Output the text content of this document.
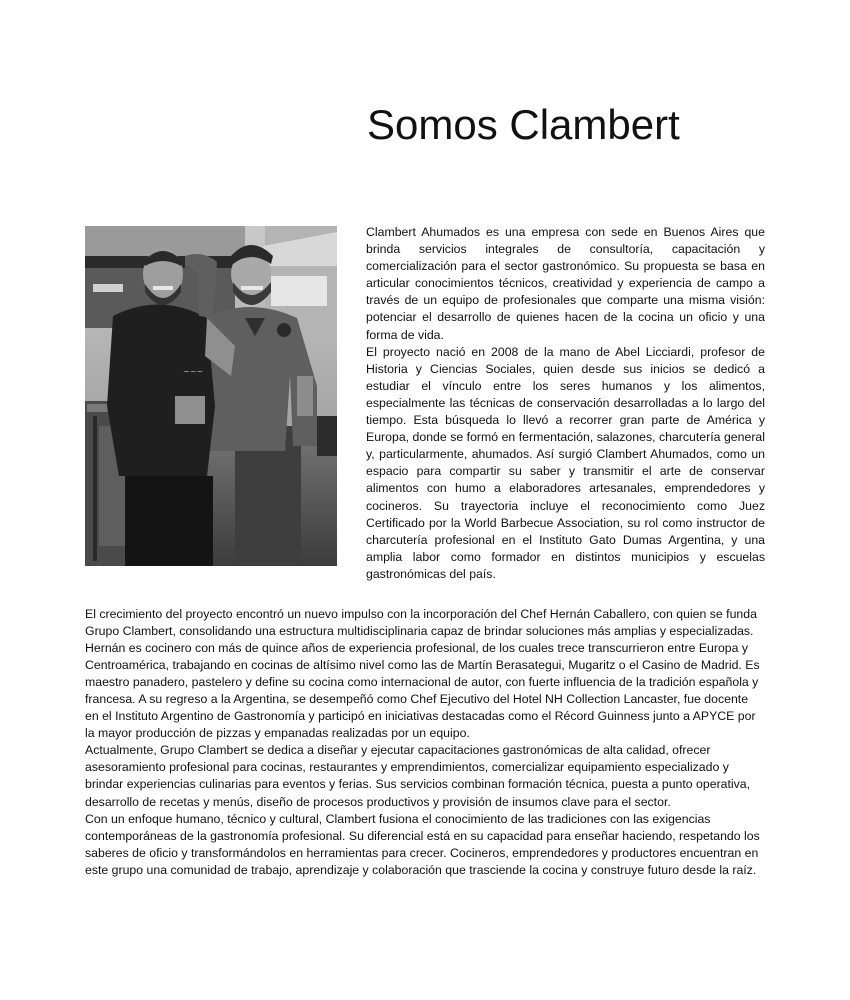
Somos Clambert
~~~

Clambert Ahumados es una empresa con sede en Buenos Aires que brinda servicios integrales de consultoría, capacitación y comercialización para el sector gastronómico. Su propuesta se basa en articular conocimientos técnicos, creatividad y experiencia de campo a través de un equipo de profesionales que comparte una misma visión: potenciar el desarrollo de quienes hacen de la cocina un oficio y una forma de vida.

El proyecto nació en 2008 de la mano de Abel Licciardi, profesor de Historia y Ciencias Sociales, quien desde sus inicios se dedicó a estudiar el vínculo entre los seres humanos y los alimentos, especialmente las técnicas de conservación desarrolladas a lo largo del tiempo. Esta búsqueda lo llevó a recorrer gran parte de América y Europa, donde se formó en fermentación, salazones, charcutería general y, particularmente, ahumados. Así surgió Clambert Ahumados, como un espacio para compartir su saber y transmitir el arte de conservar alimentos con humo a elaboradores artesanales, emprendedores y cocineros. Su trayectoria incluye el reconocimiento como Juez Certificado por la World Barbecue Association, su rol como instructor de charcutería profesional en el Instituto Gato Dumas Argentina, y una amplia labor como formador en distintos municipios y escuelas gastronómicas del país.

El crecimiento del proyecto encontró un nuevo impulso con la incorporación del Chef Hernán Caballero, con quien se funda Grupo Clambert, consolidando una estructura multidisciplinaria capaz de brindar soluciones más amplias y especializadas.

Hernán es cocinero con más de quince años de experiencia profesional, de los cuales trece transcurrieron entre Europa y Centroamérica, trabajando en cocinas de altísimo nivel como las de Martín Berasategui, Mugaritz o el Casino de Madrid. Es maestro panadero, pastelero y define su cocina como internacional de autor, con fuerte influencia de la tradición española y francesa. A su regreso a la Argentina, se desempeñó como Chef Ejecutivo del Hotel NH Collection Lancaster, fue docente en el Instituto Argentino de Gastronomía y participó en iniciativas destacadas como el Récord Guinness junto a APYCE por la mayor producción de pizzas y empanadas realizadas por un equipo.

Actualmente, Grupo Clambert se dedica a diseñar y ejecutar capacitaciones gastronómicas de alta calidad, ofrecer asesoramiento profesional para cocinas, restaurantes y emprendimientos, comercializar equipamiento especializado y brindar experiencias culinarias para eventos y ferias. Sus servicios combinan formación técnica, puesta a punto operativa, desarrollo de recetas y menús, diseño de procesos productivos y provisión de insumos clave para el sector.

Con un enfoque humano, técnico y cultural, Clambert fusiona el conocimiento de las tradiciones con las exigencias contemporáneas de la gastronomía profesional. Su diferencial está en su capacidad para enseñar haciendo, respetando los saberes de oficio y transformándolos en herramientas para crecer. Cocineros, emprendedores y productores encuentran en este grupo una comunidad de trabajo, aprendizaje y colaboración que trasciende la cocina y construye futuro desde la raíz.
